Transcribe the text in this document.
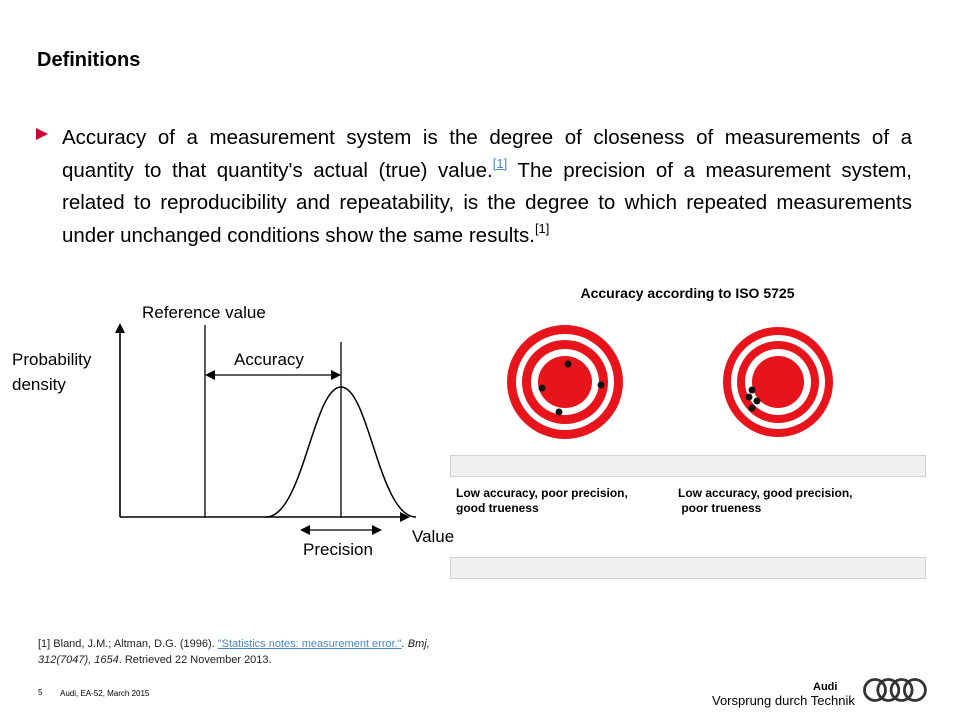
Definitions
Accuracy of a measurement system is the degree of closeness of measurements of a quantity to that quantity's actual (true) value.[1] The precision of a measurement system, related to reproducibility and repeatability, is the degree to which repeated measurements under unchanged conditions show the same results.[1]
Reference value
Probability
density
Accuracy
Precision
Value
Accuracy according to ISO 5725
Low accuracy, poor precision,
good trueness
Low accuracy, good precision,
poor trueness
[1] Bland, J.M.; Altman, D.G. (1996). "Statistics notes: measurement error.". Bmj, 312(7047), 1654. Retrieved 22 November 2013.
5 Audi, EA-52, March 2015
Audi
Vorsprung durch Technik
